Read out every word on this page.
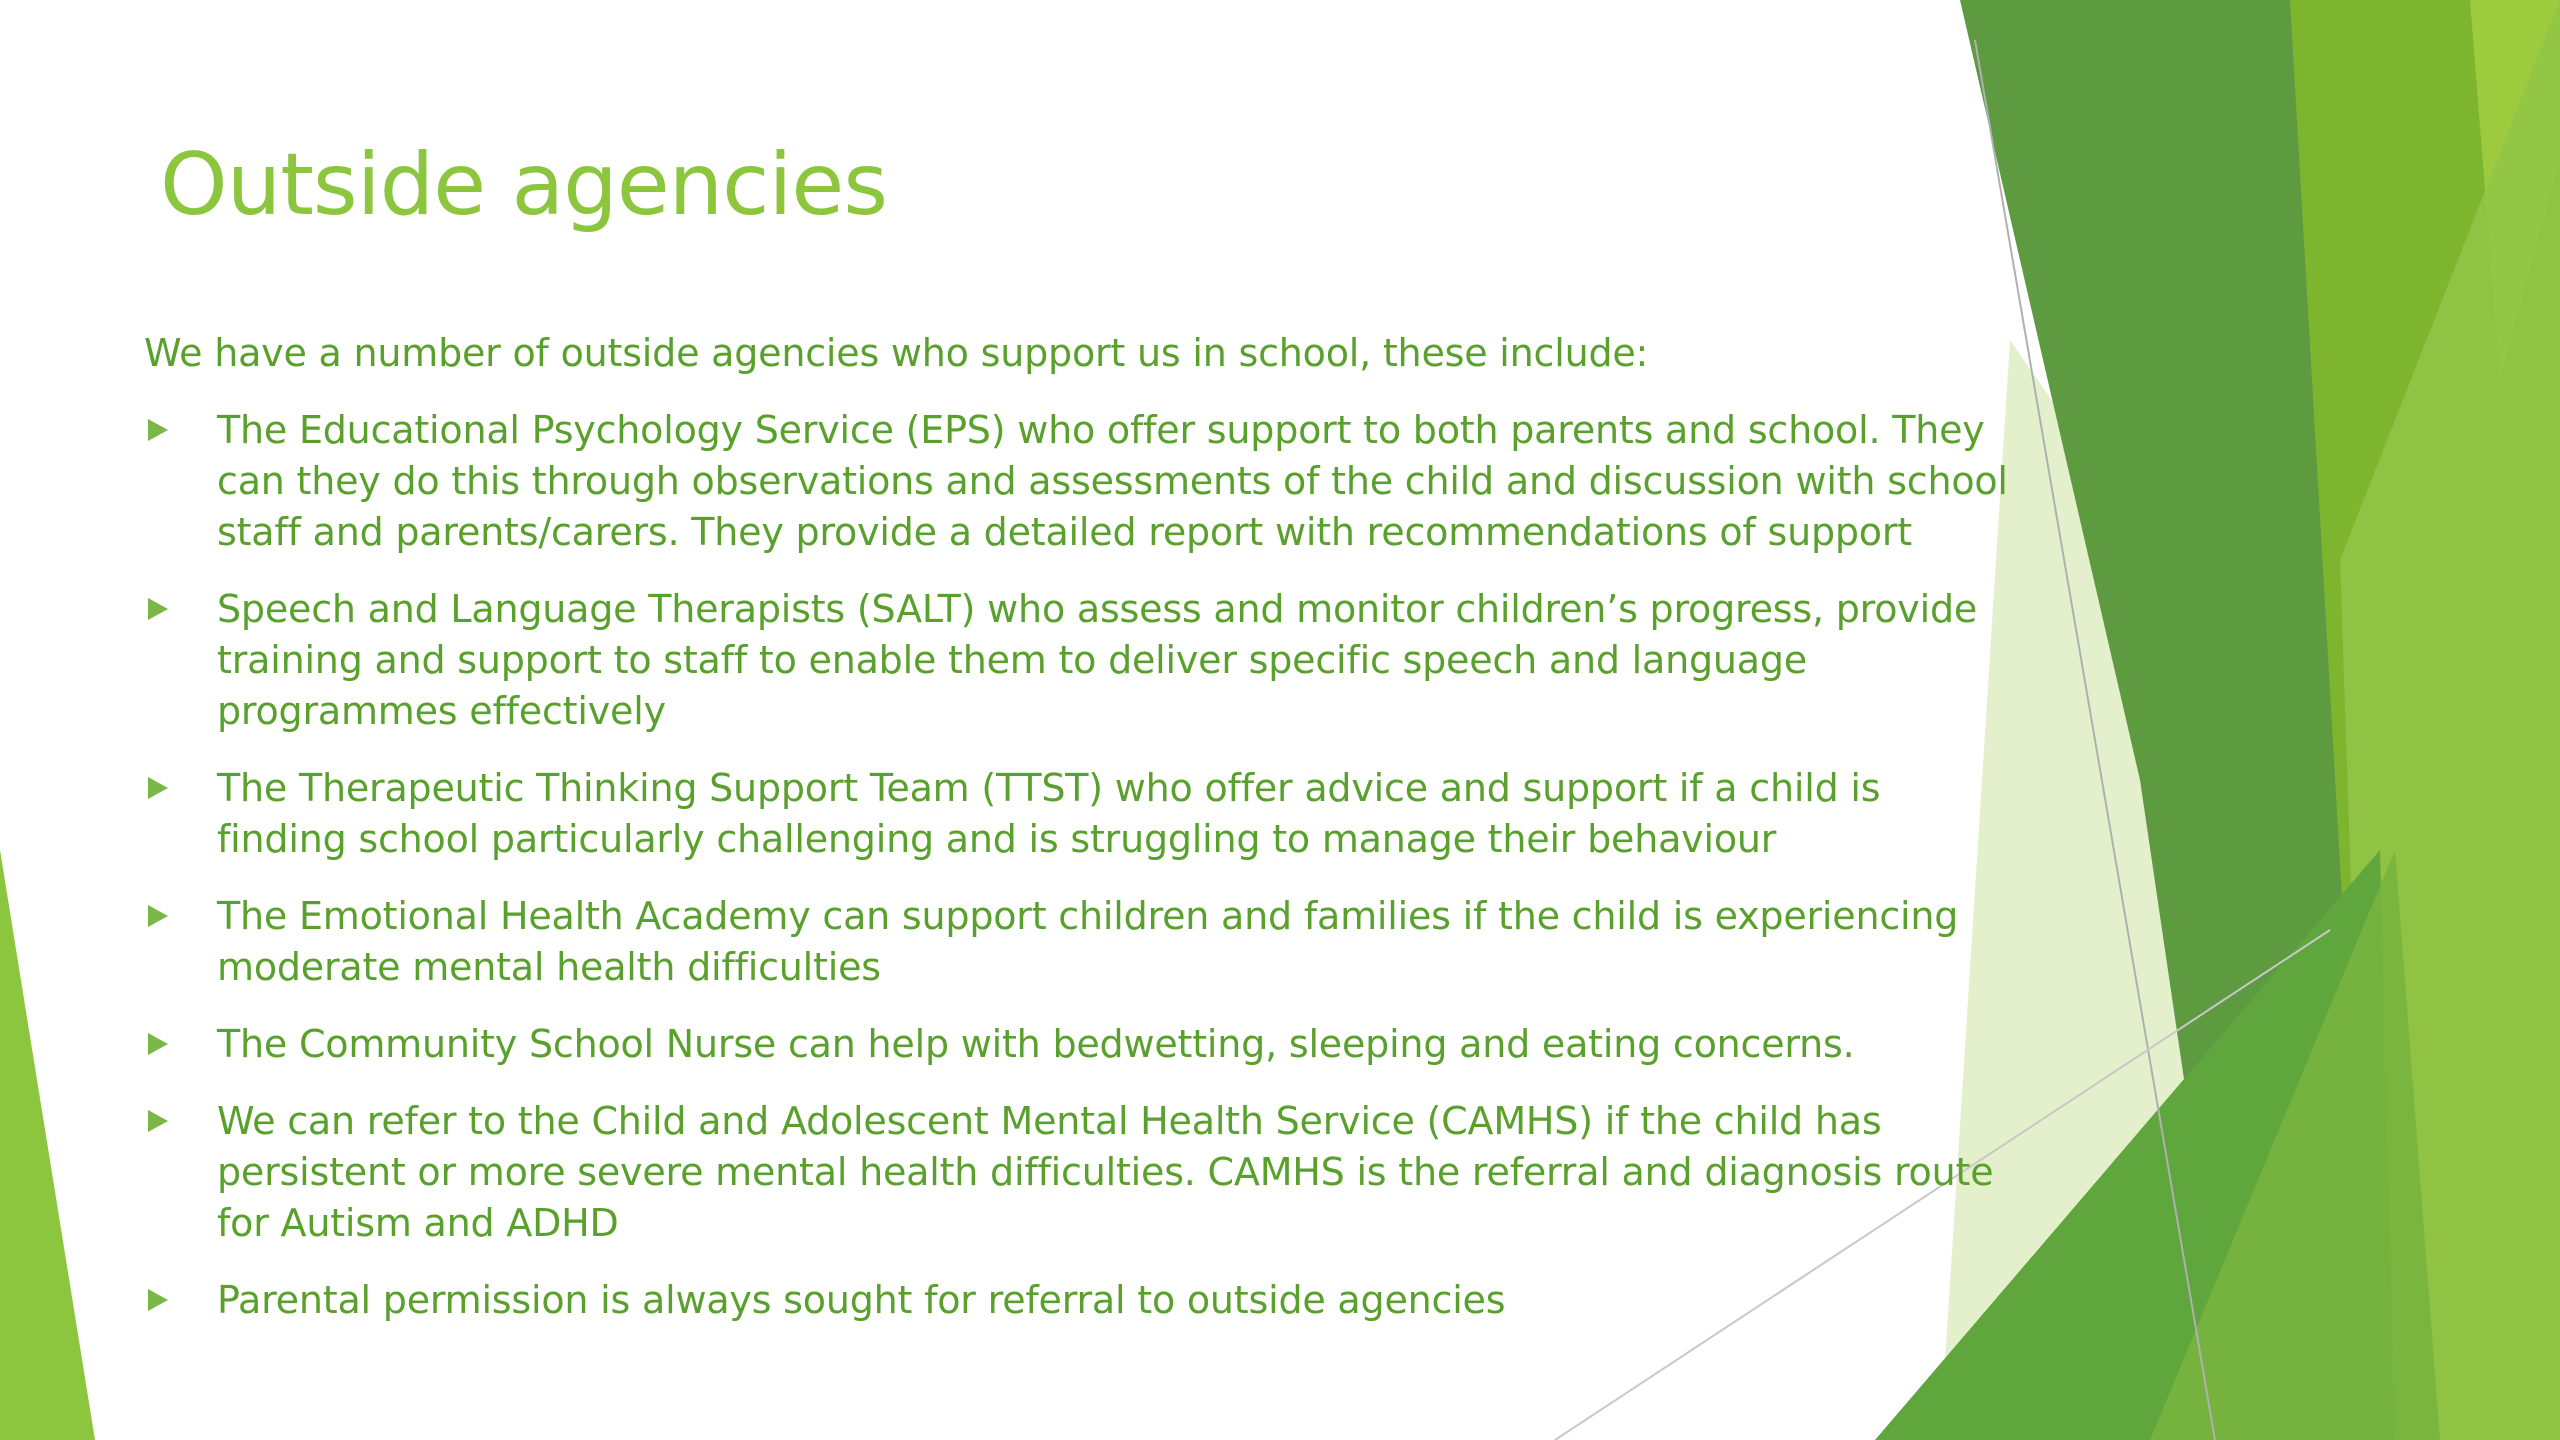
Outside agencies

We have a number of outside agencies who support us in school, these include:

The Educational Psychology Service (EPS) who offer support to both parents and school. They
can they do this through observations and assessments of the child and discussion with school
staff and parents/carers. They provide a detailed report with recommendations of support
Speech and Language Therapists (SALT) who assess and monitor children’s progress, provide
training and support to staff to enable them to deliver specific speech and language
programmes effectively
The Therapeutic Thinking Support Team (TTST) who offer advice and support if a child is
finding school particularly challenging and is struggling to manage their behaviour
The Emotional Health Academy can support children and families if the child is experiencing
moderate mental health difficulties
The Community School Nurse can help with bedwetting, sleeping and eating concerns.
We can refer to the Child and Adolescent Mental Health Service (CAMHS) if the child has
persistent or more severe mental health difficulties. CAMHS is the referral and diagnosis route
for Autism and ADHD
Parental permission is always sought for referral to outside agencies
